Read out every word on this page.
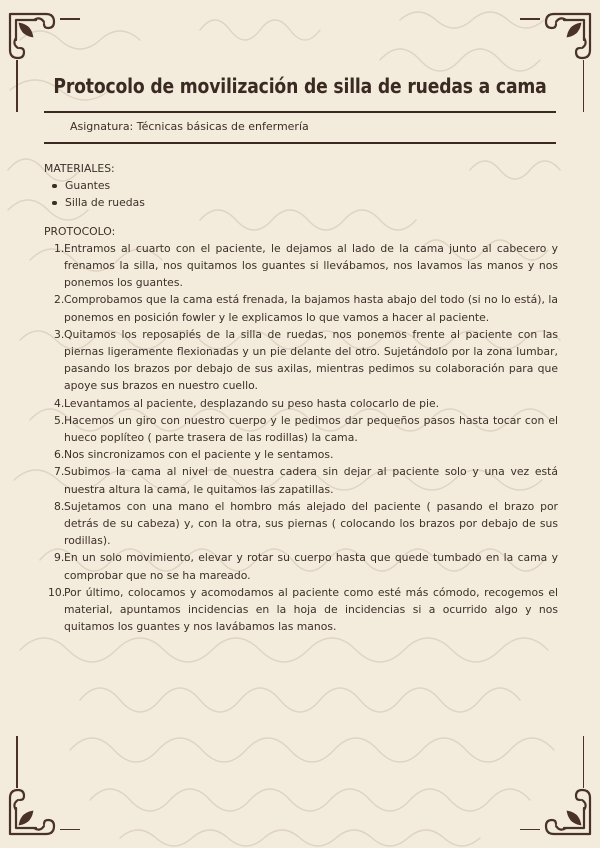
Protocolo de movilización de silla de ruedas a cama
Asignatura: Técnicas básicas de enfermería

MATERIALES:

Guantes
Silla de ruedas

PROTOCOLO:

1. Entramos al cuarto con el paciente, le dejamos al lado de la cama junto al cabecero y frenamos la silla, nos quitamos los guantes si llevábamos, nos lavamos las manos y nos ponemos los guantes.
2. Comprobamos que la cama está frenada, la bajamos hasta abajo del todo (si no lo está), la ponemos en posición fowler y le explicamos lo que vamos a hacer al paciente.
3. Quitamos los reposapiés de la silla de ruedas, nos ponemos frente al paciente con las piernas ligeramente flexionadas y un pie delante del otro. Sujetándolo por la zona lumbar, pasando los brazos por debajo de sus axilas, mientras pedimos su colaboración para que apoye sus brazos en nuestro cuello.
4. Levantamos al paciente, desplazando su peso hasta colocarlo de pie.
5. Hacemos un giro con nuestro cuerpo y le pedimos dar pequeños pasos hasta tocar con el hueco poplíteo ( parte trasera de las rodillas) la cama.
6. Nos sincronizamos con el paciente y le sentamos.
7. Subimos la cama al nivel de nuestra cadera sin dejar al paciente solo y una vez está nuestra altura la cama, le quitamos las zapatillas.
8. Sujetamos con una mano el hombro más alejado del paciente ( pasando el brazo por detrás de su cabeza) y, con la otra, sus piernas ( colocando los brazos por debajo de sus rodillas).
9. En un solo movimiento, elevar y rotar su cuerpo hasta que quede tumbado en la cama y comprobar que no se ha mareado.
10.
Por último, colocamos y acomodamos al paciente como esté más cómodo, recogemos el material, apuntamos incidencias en la hoja de incidencias si a ocurrido algo y nos quitamos los guantes y nos lavábamos las manos.
